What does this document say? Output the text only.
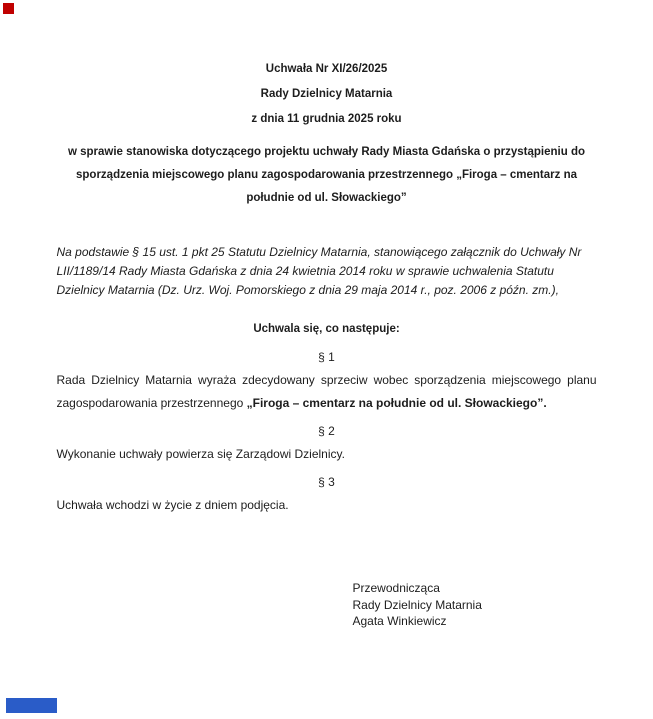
Uchwała Nr XI/26/2025
Rady Dzielnicy Matarnia
z dnia 11 grudnia 2025 roku
w sprawie stanowiska dotyczącego projektu uchwały Rady Miasta Gdańska o przystąpieniu do
sporządzenia miejscowego planu zagospodarowania przestrzennego „Firoga – cmentarz na
południe od ul. Słowackiego”
Na podstawie § 15 ust. 1 pkt 25 Statutu Dzielnicy Matarnia, stanowiącego załącznik do Uchwały Nr
LII/1189/14 Rady Miasta Gdańska z dnia 24 kwietnia 2014 roku w sprawie uchwalenia Statutu
Dzielnicy Matarnia (Dz. Urz. Woj. Pomorskiego z dnia 29 maja 2014 r., poz. 2006 z późn. zm.),
Uchwala się, co następuje:
§ 1

Rada Dzielnicy Matarnia wyraża zdecydowany sprzeciw wobec sporządzenia miejscowego planu
zagospodarowania przestrzennego „Firoga – cmentarz na południe od ul. Słowackiego”.

§ 2

Wykonanie uchwały powierza się Zarządowi Dzielnicy.

§ 3

Uchwała wchodzi w życie z dniem podjęcia.

Przewodnicząca
Rady Dzielnicy Matarnia
Agata Winkiewicz
